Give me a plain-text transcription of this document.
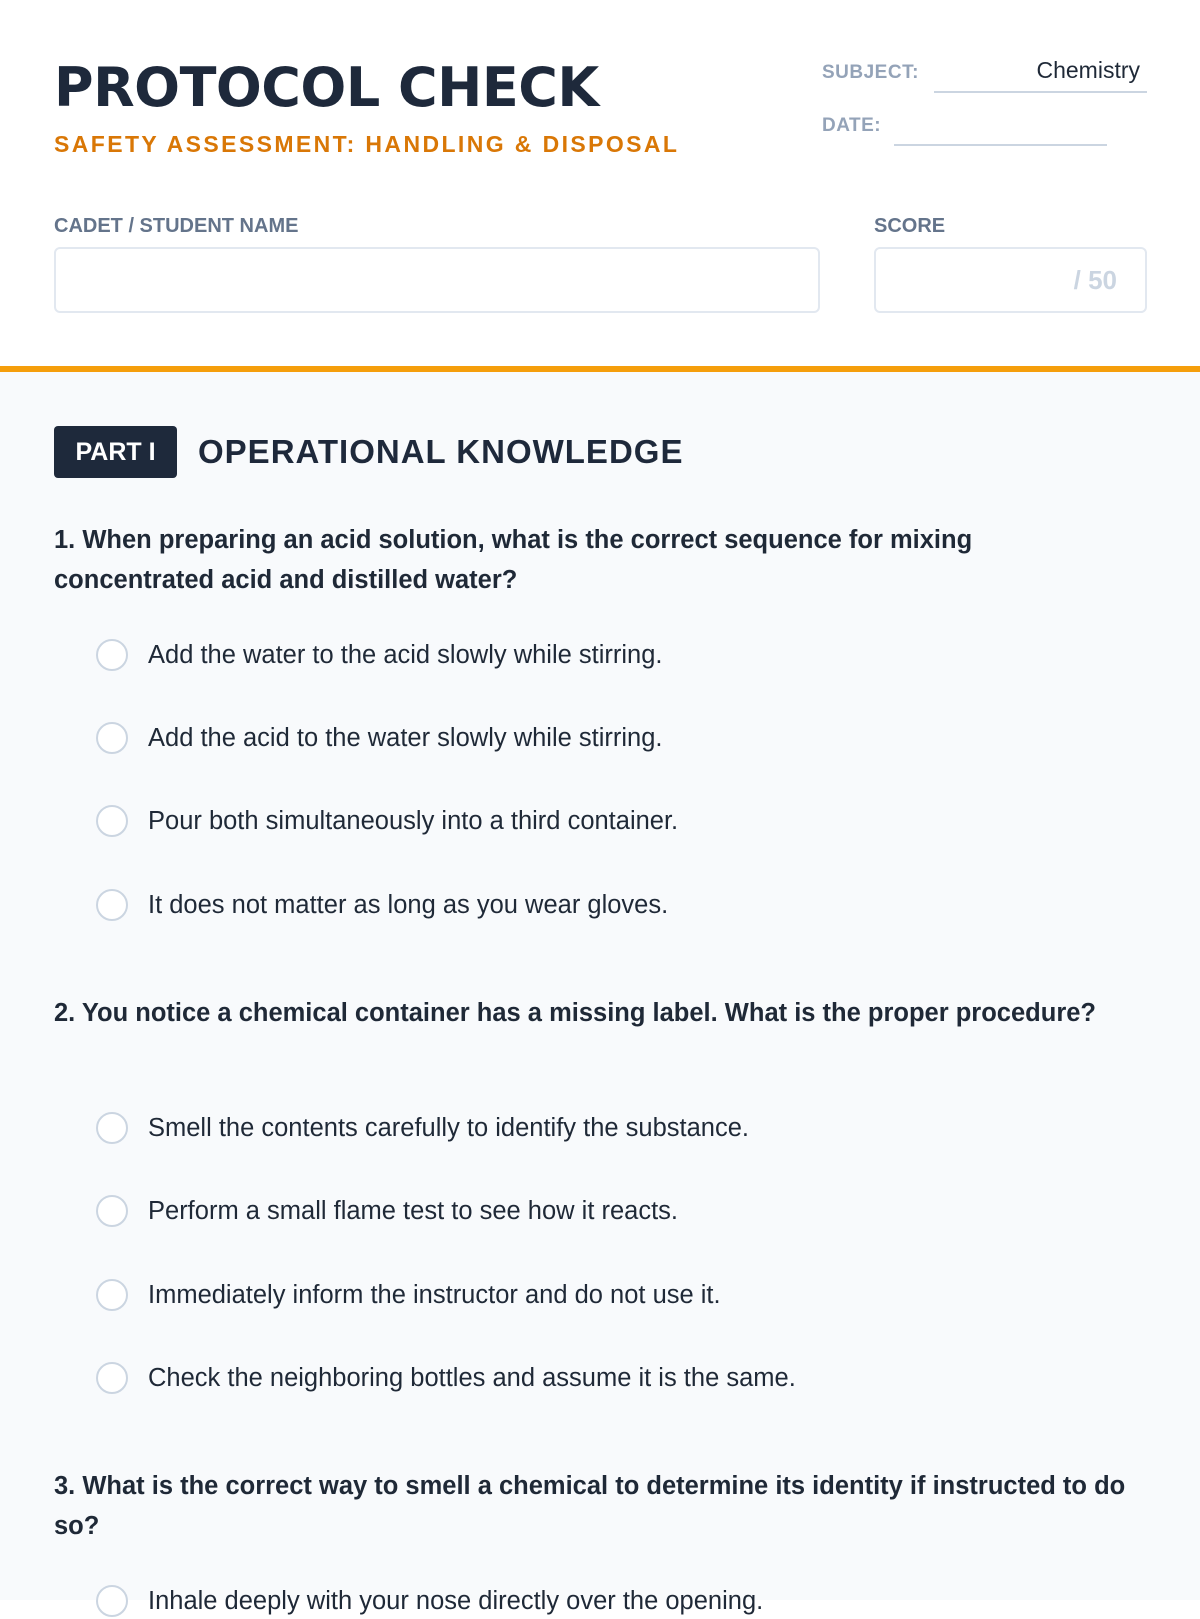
PROTOCOL CHECK
SAFETY ASSESSMENT: HANDLING & DISPOSAL
SUBJECT:	Chemistry
DATE:
CADET / STUDENT NAME	SCORE
/ 50
PART I	OPERATIONAL KNOWLEDGE
1. When preparing an acid solution, what is the correct sequence for mixing concentrated acid and distilled water?
Add the water to the acid slowly while stirring.
Add the acid to the water slowly while stirring.
Pour both simultaneously into a third container.
It does not matter as long as you wear gloves.
2. You notice a chemical container has a missing label. What is the proper procedure?
Smell the contents carefully to identify the substance.
Perform a small flame test to see how it reacts.
Immediately inform the instructor and do not use it.
Check the neighboring bottles and assume it is the same.
3. What is the correct way to smell a chemical to determine its identity if instructed to do so?
Inhale deeply with your nose directly over the opening.
